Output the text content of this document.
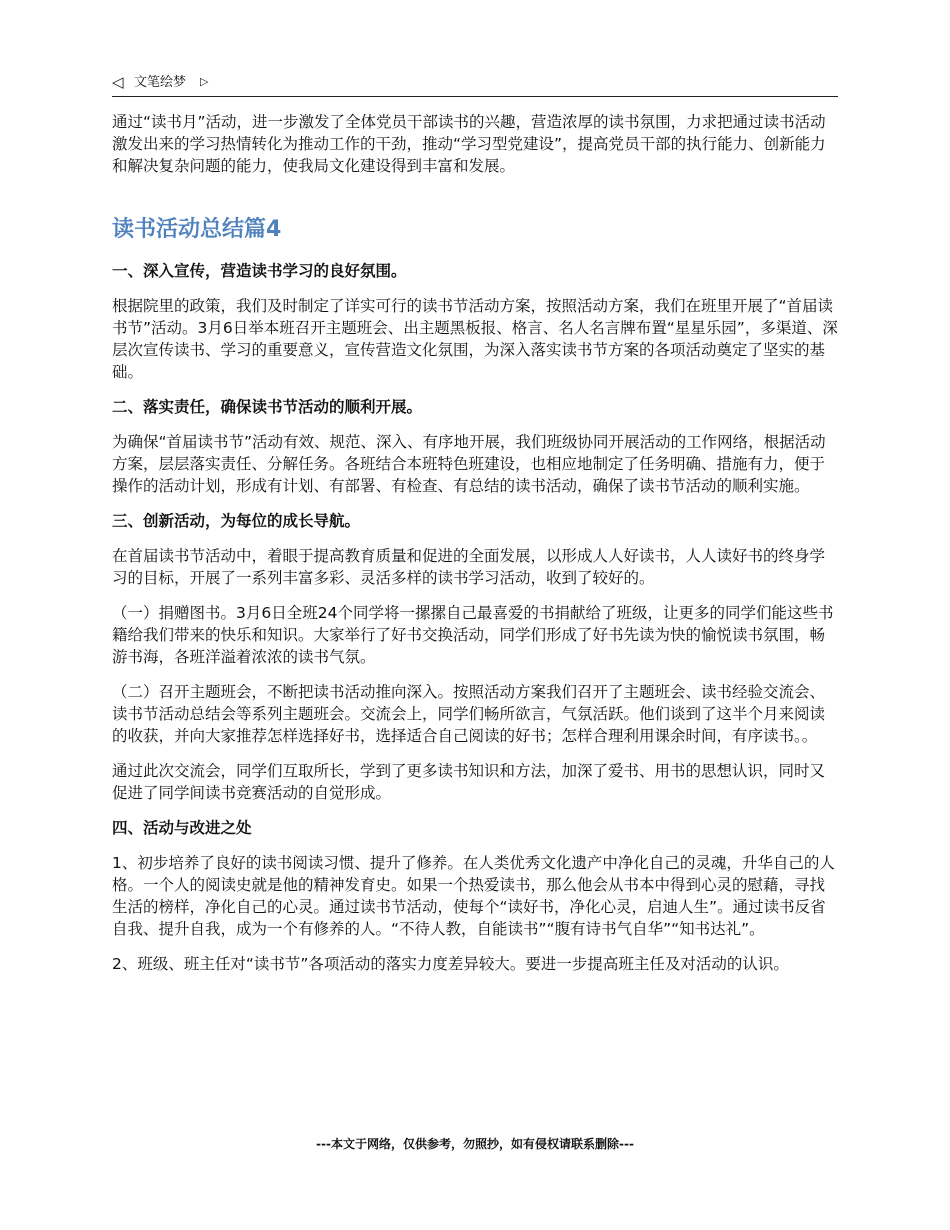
◁ 文笔绘梦 ▷

通过“读书月”活动，进一步激发了全体党员干部读书的兴趣，营造浓厚的读书氛围，力求把通过读书活动激发出来的学习热情转化为推动工作的干劲，推动“学习型党建设”，提高党员干部的执行能力、创新能力和解决复杂问题的能力，使我局文化建设得到丰富和发展。

读书活动总结篇4
一、深入宣传，营造读书学习的良好氛围。

根据院里的政策，我们及时制定了详实可行的读书节活动方案，按照活动方案，我们在班里开展了“首届读书节”活动。3月6日举本班召开主题班会、出主题黑板报、格言、名人名言牌布置“星星乐园”，多渠道、深层次宣传读书、学习的重要意义，宣传营造文化氛围，为深入落实读书节方案的各项活动奠定了坚实的基础。

二、落实责任，确保读书节活动的顺利开展。

为确保“首届读书节”活动有效、规范、深入、有序地开展，我们班级协同开展活动的工作网络，根据活动方案，层层落实责任、分解任务。各班结合本班特色班建设，也相应地制定了任务明确、措施有力，便于操作的活动计划，形成有计划、有部署、有检查、有总结的读书活动，确保了读书节活动的顺利实施。

三、创新活动，为每位的成长导航。

在首届读书节活动中，着眼于提高教育质量和促进的全面发展，以形成人人好读书，人人读好书的终身学习的目标，开展了一系列丰富多彩、灵活多样的读书学习活动，收到了较好的。

（一）捐赠图书。3月6日全班24个同学将一摞摞自己最喜爱的书捐献给了班级，让更多的同学们能这些书籍给我们带来的快乐和知识。大家举行了好书交换活动，同学们形成了好书先读为快的愉悦读书氛围，畅游书海，各班洋溢着浓浓的读书气氛。

（二）召开主题班会，不断把读书活动推向深入。按照活动方案我们召开了主题班会、读书经验交流会、读书节活动总结会等系列主题班会。交流会上，同学们畅所欲言，气氛活跃。他们谈到了这半个月来阅读的收获，并向大家推荐怎样选择好书，选择适合自己阅读的好书；怎样合理利用课余时间，有序读书。。

通过此次交流会，同学们互取所长，学到了更多读书知识和方法，加深了爱书、用书的思想认识，同时又促进了同学间读书竞赛活动的自觉形成。

四、活动与改进之处

1、初步培养了良好的读书阅读习惯、提升了修养。在人类优秀文化遗产中净化自己的灵魂，升华自己的人格。一个人的阅读史就是他的精神发育史。如果一个热爱读书，那么他会从书本中得到心灵的慰藉，寻找生活的榜样，净化自己的心灵。通过读书节活动，使每个“读好书，净化心灵，启迪人生”。通过读书反省自我、提升自我，成为一个有修养的人。“不待人教，自能读书”“腹有诗书气自华”“知书达礼”。

2、班级、班主任对“读书节”各项活动的落实力度差异较大。要进一步提高班主任及对活动的认识。

---本文于网络，仅供参考，勿照抄，如有侵权请联系删除---
